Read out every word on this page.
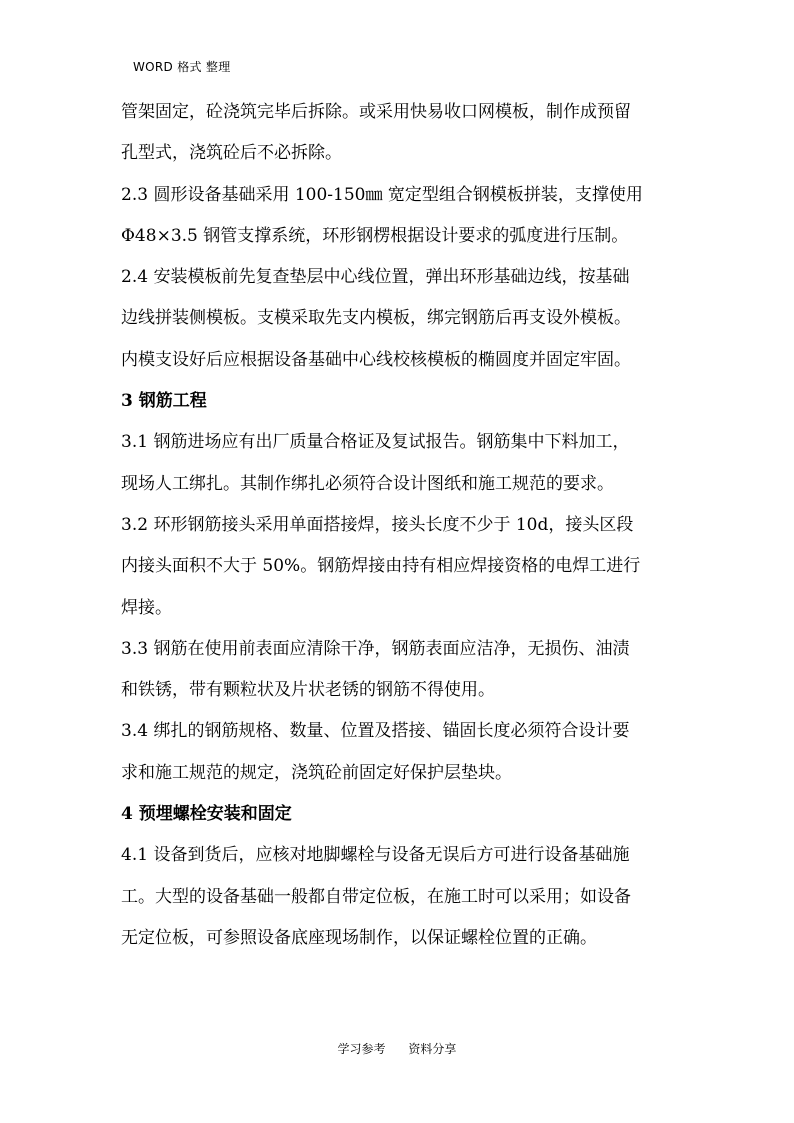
WORD 格式 整理
管架固定，砼浇筑完毕后拆除。或采用快易收口网模板，制作成预留
孔型式，浇筑砼后不必拆除。
2.3 圆形设备基础采用 100-150㎜ 宽定型组合钢模板拼装，支撑使用
Φ48×3.5 钢管支撑系统，环形钢楞根据设计要求的弧度进行压制。
2.4 安装模板前先复查垫层中心线位置，弹出环形基础边线，按基础
边线拼装侧模板。支模采取先支内模板，绑完钢筋后再支设外模板。
内模支设好后应根据设备基础中心线校核模板的椭圆度并固定牢固。
3 钢筋工程
3.1 钢筋进场应有出厂质量合格证及复试报告。钢筋集中下料加工，
现场人工绑扎。其制作绑扎必须符合设计图纸和施工规范的要求。
3.2 环形钢筋接头采用单面搭接焊，接头长度不少于 10d，接头区段
内接头面积不大于 50%。钢筋焊接由持有相应焊接资格的电焊工进行
焊接。
3.3 钢筋在使用前表面应清除干净，钢筋表面应洁净，无损伤、油渍
和铁锈，带有颗粒状及片状老锈的钢筋不得使用。
3.4 绑扎的钢筋规格、数量、位置及搭接、锚固长度必须符合设计要
求和施工规范的规定，浇筑砼前固定好保护层垫块。
4 预埋螺栓安装和固定
4.1 设备到货后，应核对地脚螺栓与设备无误后方可进行设备基础施
工。大型的设备基础一般都自带定位板，在施工时可以采用；如设备
无定位板，可参照设备底座现场制作，以保证螺栓位置的正确。
学习参考      资料分享
